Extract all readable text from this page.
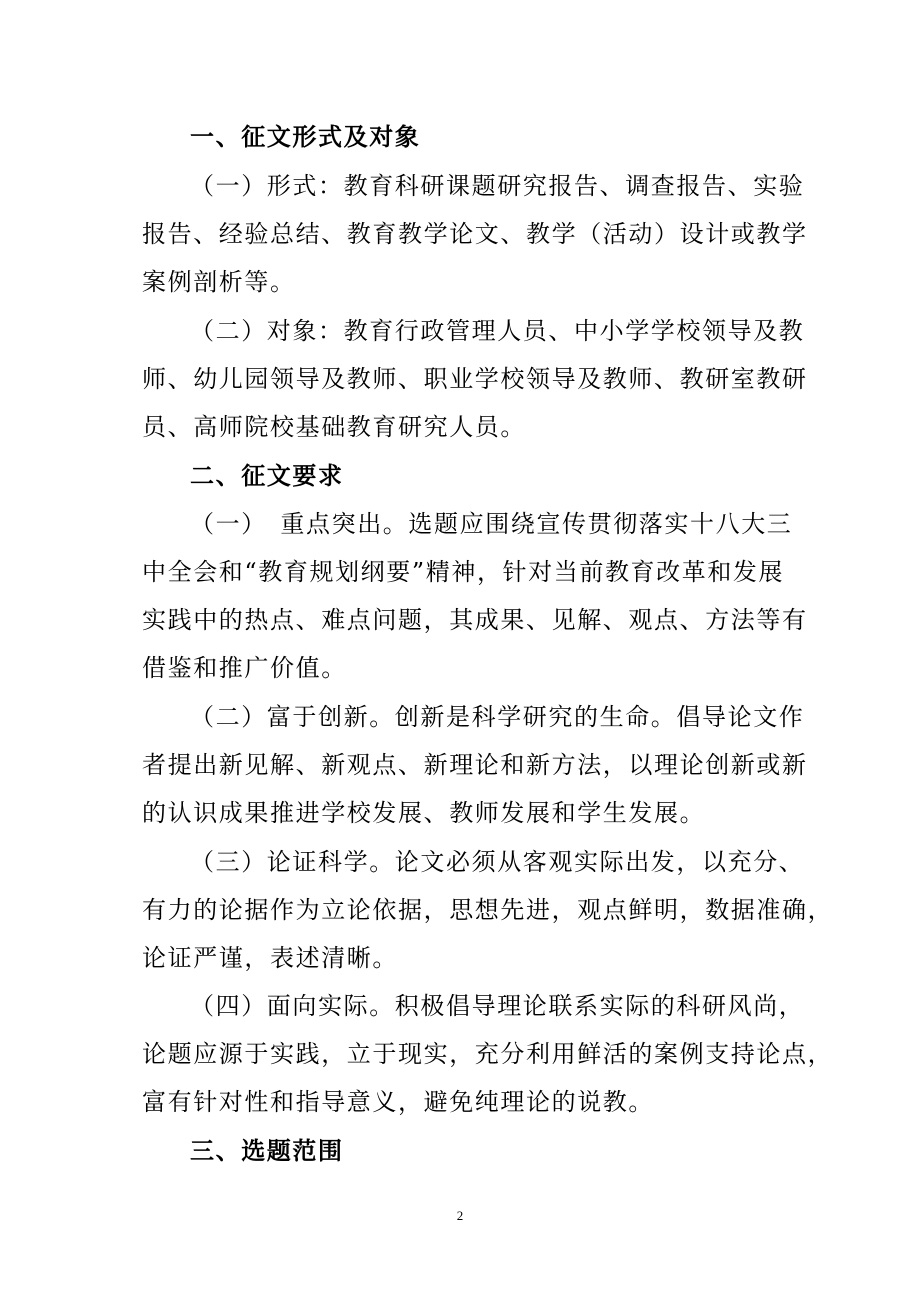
一、征文形式及对象
（一）形式：教育科研课题研究报告、调查报告、实验
报告、经验总结、教育教学论文、教学（活动）设计或教学
案例剖析等。
（二）对象：教育行政管理人员、中小学学校领导及教
师、幼儿园领导及教师、职业学校领导及教师、教研室教研
员、高师院校基础教育研究人员。
二、征文要求
（一）　重点突出。选题应围绕宣传贯彻落实十八大三
中全会和“教育规划纲要”精神，针对当前教育改革和发展
实践中的热点、难点问题，其成果、见解、观点、方法等有
借鉴和推广价值。
（二）富于创新。创新是科学研究的生命。倡导论文作
者提出新见解、新观点、新理论和新方法，以理论创新或新
的认识成果推进学校发展、教师发展和学生发展。
（三）论证科学。论文必须从客观实际出发，以充分、
有力的论据作为立论依据，思想先进，观点鲜明，数据准确，
论证严谨，表述清晰。
（四）面向实际。积极倡导理论联系实际的科研风尚，
论题应源于实践，立于现实，充分利用鲜活的案例支持论点，
富有针对性和指导意义，避免纯理论的说教。
三、选题范围
2
